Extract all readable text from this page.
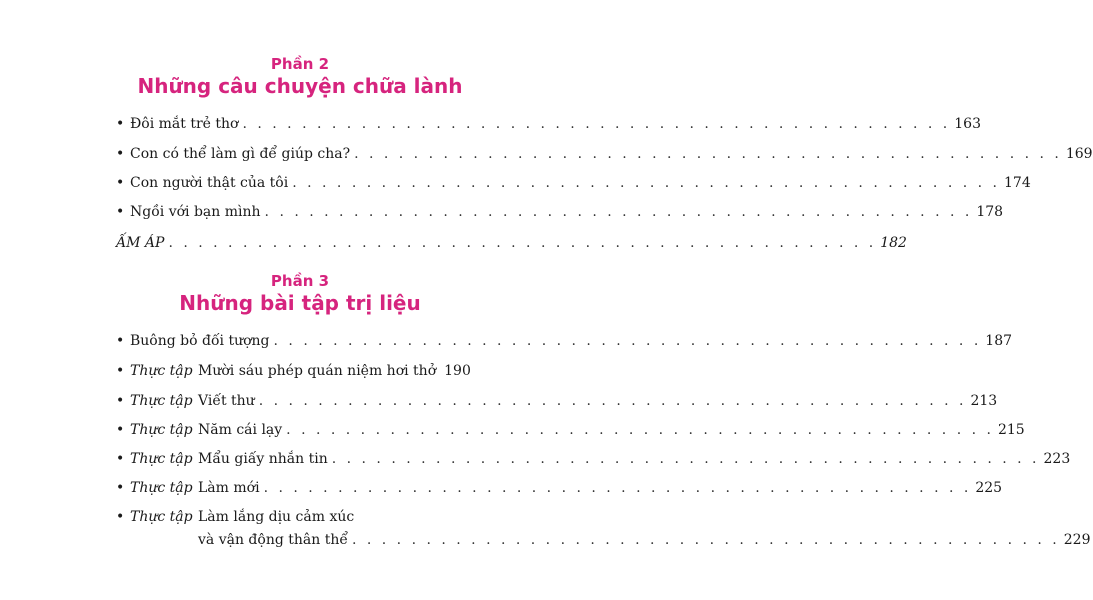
Phần 2
Những câu chuyện chữa lành
• Đôi mắt trẻ thơ . . . . . . . . . . . . . . . . . . . . . . . . . . . . . . . . . . . . . . . . . . . . . . . . 163
• Con có thể làm gì để giúp cha? . . . . . . . . . . . . . . . . . . . . . . . . . . . . . . . . . . . . . . . . . . . . . . . . 169
• Con người thật của tôi . . . . . . . . . . . . . . . . . . . . . . . . . . . . . . . . . . . . . . . . . . . . . . . . 174
• Ngồi với bạn mình . . . . . . . . . . . . . . . . . . . . . . . . . . . . . . . . . . . . . . . . . . . . . . . . 178
ẤM ÁP . . . . . . . . . . . . . . . . . . . . . . . . . . . . . . . . . . . . . . . . . . . . . . . . 182
Phần 3
Những bài tập trị liệu
• Buông bỏ đối tượng . . . . . . . . . . . . . . . . . . . . . . . . . . . . . . . . . . . . . . . . . . . . . . . . 187
• Thực tập Mười sáu phép quán niệm hơi thở 190
• Thực tập Viết thư . . . . . . . . . . . . . . . . . . . . . . . . . . . . . . . . . . . . . . . . . . . . . . . . 213
• Thực tập Năm cái lạy . . . . . . . . . . . . . . . . . . . . . . . . . . . . . . . . . . . . . . . . . . . . . . . . 215
• Thực tập Mẩu giấy nhắn tin . . . . . . . . . . . . . . . . . . . . . . . . . . . . . . . . . . . . . . . . . . . . . . . . 223
• Thực tập Làm mới . . . . . . . . . . . . . . . . . . . . . . . . . . . . . . . . . . . . . . . . . . . . . . . . 225
• Thực tập Làm lắng dịu cảm xúc
và vận động thân thể . . . . . . . . . . . . . . . . . . . . . . . . . . . . . . . . . . . . . . . . . . . . . . . . 229
